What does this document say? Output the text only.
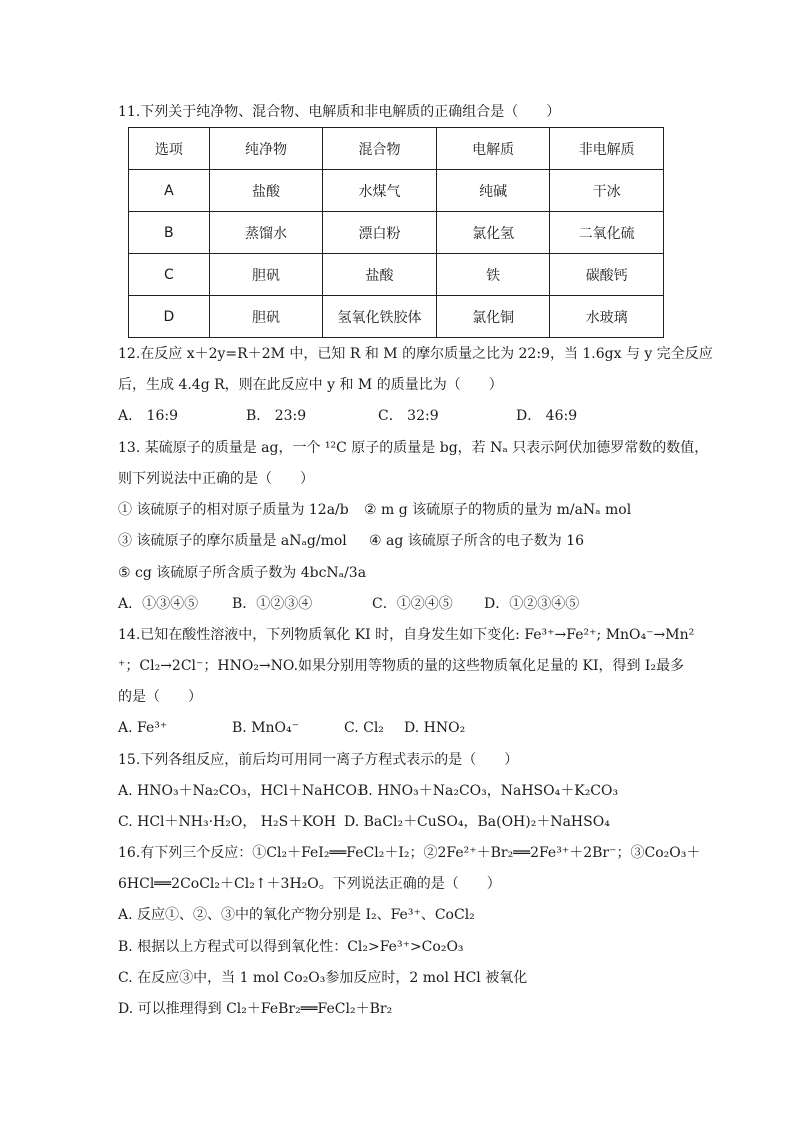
11.下列关于纯净物、混合物、电解质和非电解质的正确组合是（　　）
选项	纯净物	混合物	电解质	非电解质
A	盐酸	水煤气	纯碱	干冰
B	蒸馏水	漂白粉	氯化氢	二氧化硫
C	胆矾	盐酸	铁	碳酸钙
D	胆矾	氢氧化铁胶体	氯化铜	水玻璃
12.在反应 x＋2y=R＋2M 中，已知 R 和 M 的摩尔质量之比为 22:9，当 1.6gx 与 y 完全反应
后，生成 4.4g R，则在此反应中 y 和 M 的质量比为（　　）
A． 16:9	B． 23:9	C． 32:9	D． 46:9
13. 某硫原子的质量是 ag，一个 ¹²C 原子的质量是 bg，若 Nₐ 只表示阿伏加德罗常数的数值，
则下列说法中正确的是（　　）
① 该硫原子的相对原子质量为 12a/b ② m g 该硫原子的物质的量为 m/aNₐ mol
③ 该硫原子的摩尔质量是 aNₐg/mol ④ ag 该硫原子所含的电子数为 16
⑤ cg 该硫原子所含质子数为 4bcNₐ/3a
A．①③④⑤ B．①②③④	C．①②④⑤ D．①②③④⑤
14.已知在酸性溶液中，下列物质氧化 KI 时，自身发生如下变化: Fe³⁺→Fe²⁺; MnO₄⁻→Mn²
⁺；Cl₂→2Cl⁻；HNO₂→NO.如果分别用等物质的量的这些物质氧化足量的 KI，得到 I₂最多
的是（　　）
A. Fe³⁺	B. MnO₄⁻	C. Cl₂ D. HNO₂
15.下列各组反应，前后均可用同一离子方程式表示的是（　　）
A. HNO₃＋Na₂CO₃，HCl＋NaHCO₃
B. HNO₃＋Na₂CO₃，NaHSO₄＋K₂CO₃
C. HCl＋NH₃·H₂O， H₂S＋KOH D. BaCl₂＋CuSO₄，Ba(OH)₂＋NaHSO₄
16.有下列三个反应：①Cl₂＋FeI₂══FeCl₂＋I₂；②2Fe²⁺＋Br₂══2Fe³⁺＋2Br⁻；③Co₂O₃＋
6HCl══2CoCl₂＋Cl₂↑＋3H₂O。下列说法正确的是（　　）
A. 反应①、②、③中的氧化产物分别是 I₂、Fe³⁺、CoCl₂
B. 根据以上方程式可以得到氧化性：Cl₂>Fe³⁺>Co₂O₃
C. 在反应③中，当 1 mol Co₂O₃参加反应时，2 mol HCl 被氧化
D. 可以推理得到 Cl₂＋FeBr₂══FeCl₂＋Br₂
